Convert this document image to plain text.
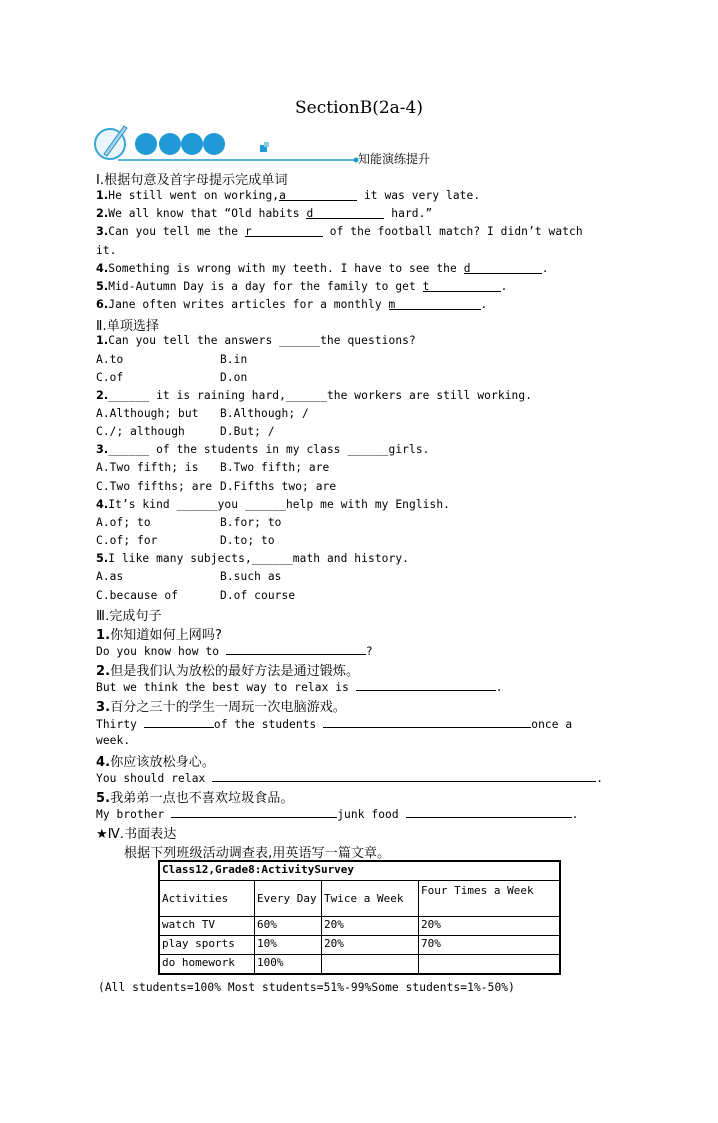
SectionB(2a-4)
知能演练提升
Ⅰ.根据句意及首字母提示完成单词
1.He still went on working,a	it was very late.
2.We all know that “Old habits d	hard.”
3.Can you tell me the r	of the football match? I didn’t watch
it.
4.Something is wrong with my teeth. I have to see the d	.
5.Mid-Autumn Day is a day for the family to get t	.
6.Jane often writes articles for a monthly m	.
Ⅱ.单项选择
1.Can you tell the answers ______the questions?
A.to	B.in
C.of	D.on
2.______ it is raining hard,______the workers are still working.
A.Although; but B.Although; /
C./; although	D.But; /
3.______ of the students in my class ______girls.
A.Two fifth; is B.Two fifth; are
C.Two fifths; are D.Fifths two; are
4.It’s kind ______you ______help me with my English.
A.of; to	B.for; to
C.of; for	D.to; to
5.I like many subjects,______math and history.
A.as	B.such as
C.because of	D.of course
Ⅲ.完成句子
1.你知道如何上网吗?
Do you know how to	?
2.但是我们认为放松的最好方法是通过锻炼。
But we think the best way to relax is	.
3.百分之三十的学生一周玩一次电脑游戏。
Thirty	of the students	once a
week.
4.你应该放松身心。
You should relax	.
5.我弟弟一点也不喜欢垃圾食品。
My brother	junk food	.
★Ⅳ.书面表达
根据下列班级活动调查表,用英语写一篇文章。
Class12,Grade8:ActivitySurvey			
Activities	Every Day	Twice a Week	Four Times a Week
watch TV	60%	20%	20%
play sports	10%	20%	70%
do homework	100%		
(All students=100% Most students=51%-99%Some students=1%-50%)
